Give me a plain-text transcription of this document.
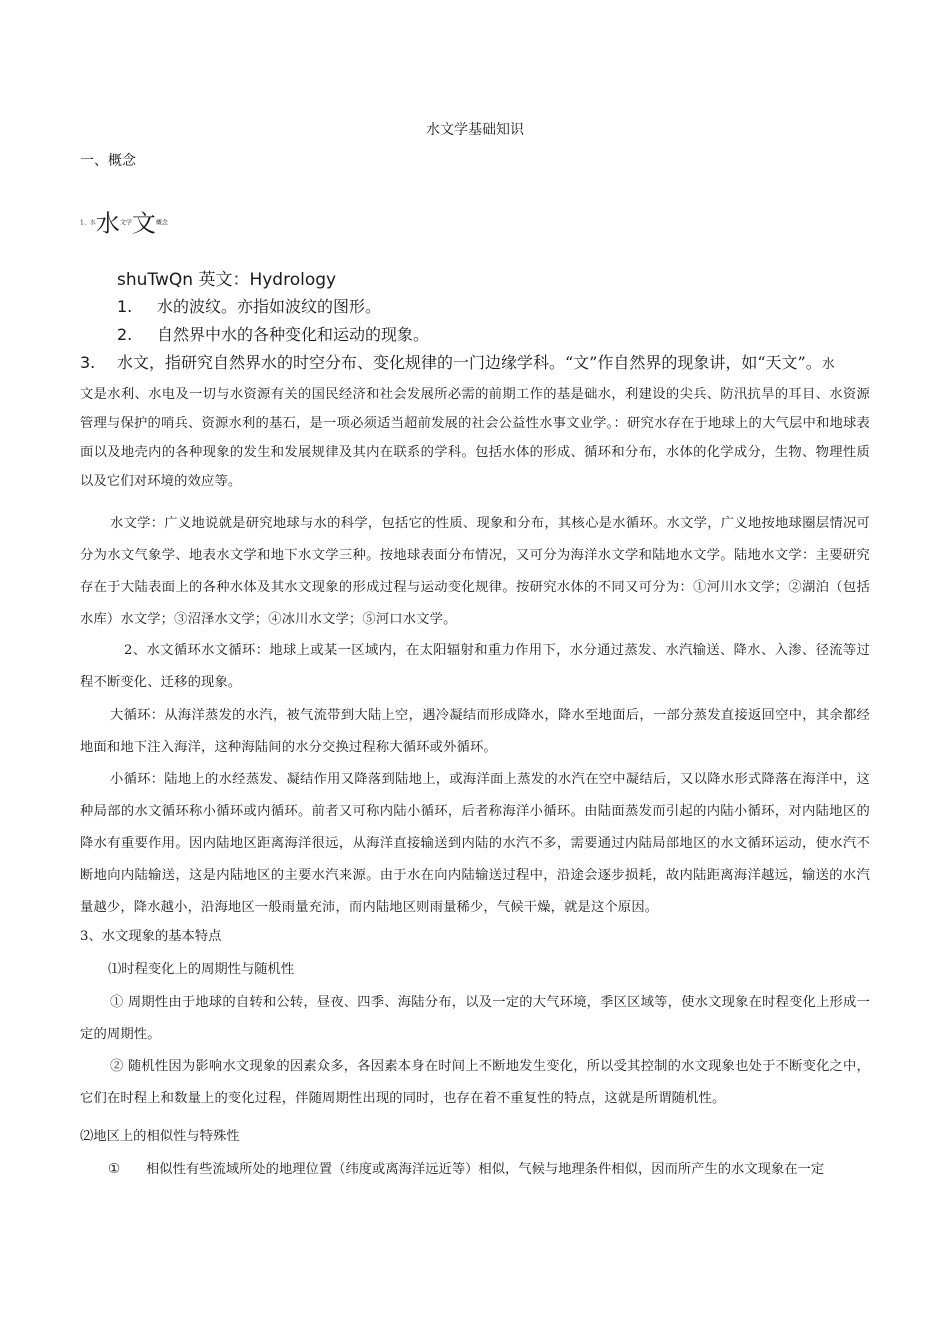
水文学基础知识
一、概念
1、水水文学文概念
shuTwQn 英文：Hydrology
1. 水的波纹。亦指如波纹的图形。
2. 自然界中水的各种变化和运动的现象。
3. 水文，指研究自然界水的时空分布、变化规律的一门边缘学科。“文”作自然界的现象讲，如“天文”。水
文是水利、水电及一切与水资源有关的国民经济和社会发展所必需的前期工作的基是础水，利建设的尖兵、防汛抗旱的耳目、水资源管理与保护的哨兵、资源水利的基石，是一项必须适当超前发展的社会公益性水事文业学。：研究水存在于地球上的大气层中和地球表面以及地壳内的各种现象的发生和发展规律及其内在联系的学科。包括水体的形成、循环和分布，水体的化学成分，生物、物理性质以及它们对环境的效应等。
水文学：广义地说就是研究地球与水的科学，包括它的性质、现象和分布，其核心是水循环。水文学，广义地按地球圈层情况可分为水文气象学、地表水文学和地下水文学三种。按地球表面分布情况，又可分为海洋水文学和陆地水文学。陆地水文学：主要研究存在于大陆表面上的各种水体及其水文现象的形成过程与运动变化规律。按研究水体的不同又可分为：①河川水文学；②湖泊（包括水库）水文学；③沼泽水文学；④冰川水文学；⑤河口水文学。
2、水文循环水文循环：地球上或某一区域内，在太阳辐射和重力作用下，水分通过蒸发、水汽输送、降水、入渗、径流等过程不断变化、迁移的现象。
大循环：从海洋蒸发的水汽，被气流带到大陆上空，遇冷凝结而形成降水，降水至地面后，一部分蒸发直接返回空中，其余都经地面和地下注入海洋，这种海陆间的水分交换过程称大循环或外循环。
小循环：陆地上的水经蒸发、凝结作用又降落到陆地上，或海洋面上蒸发的水汽在空中凝结后，又以降水形式降落在海洋中，这种局部的水文循环称小循环或内循环。前者又可称内陆小循环，后者称海洋小循环。由陆面蒸发而引起的内陆小循环，对内陆地区的降水有重要作用。因内陆地区距离海洋很远，从海洋直接输送到内陆的水汽不多，需要通过内陆局部地区的水文循环运动，使水汽不断地向内陆输送，这是内陆地区的主要水汽来源。由于水在向内陆输送过程中，沿途会逐步损耗，故内陆距离海洋越远，输送的水汽量越少，降水越小，沿海地区一般雨量充沛，而内陆地区则雨量稀少，气候干燥，就是这个原因。
3、水文现象的基本特点
⑴时程变化上的周期性与随机性
① 周期性由于地球的自转和公转，昼夜、四季、海陆分布，以及一定的大气环境，季区区域等，使水文现象在时程变化上形成一定的周期性。
② 随机性因为影响水文现象的因素众多，各因素本身在时间上不断地发生变化，所以受其控制的水文现象也处于不断变化之中，它们在时程上和数量上的变化过程，伴随周期性出现的同时，也存在着不重复性的特点，这就是所谓随机性。
⑵地区上的相似性与特殊性
① 相似性有些流域所处的地理位置（纬度或离海洋远近等）相似，气候与地理条件相似，因而所产生的水文现象在一定
